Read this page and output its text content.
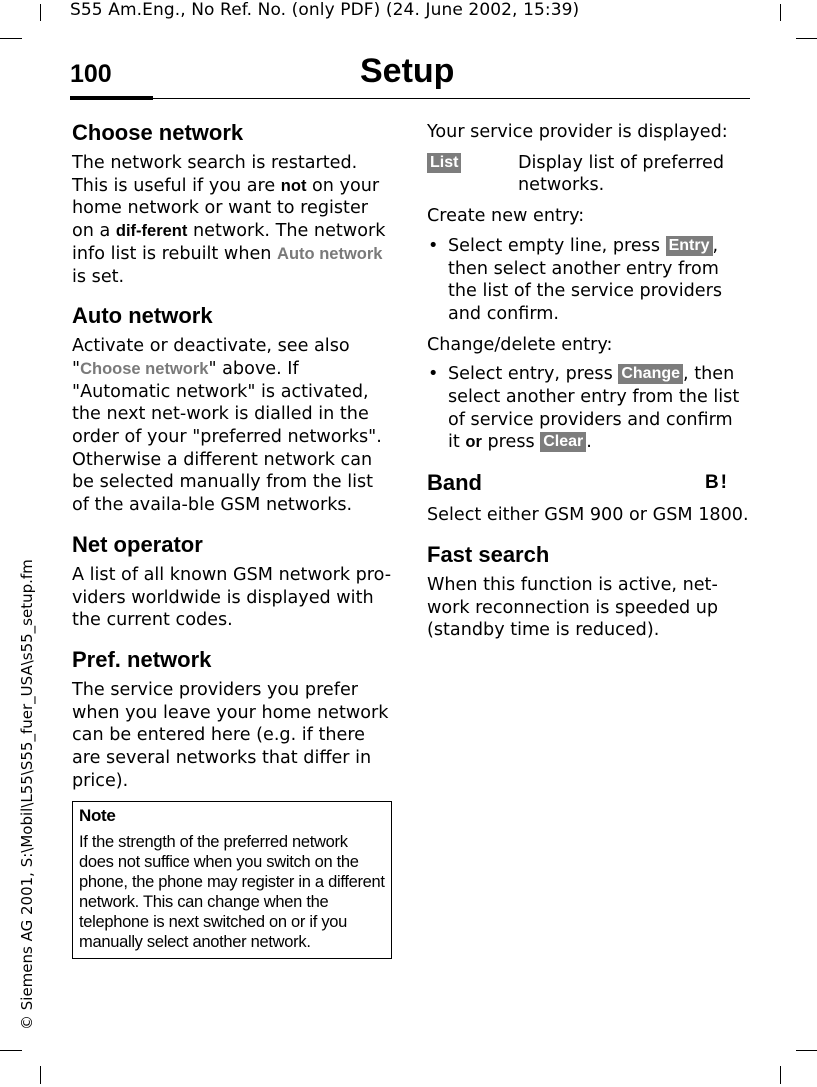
S55 Am.Eng., No Ref. No. (only PDF) (24. June 2002, 15:39)
© Siemens AG 2001, S:\Mobil\L55\S55_fuer_USA\s55_setup.fm
100	Setup
Choose network

The network search is restarted. This is useful if you are not on your home network or want to register on a dif-ferent network. The network info list is rebuilt when Auto network is set.

Auto network

Activate or deactivate, see also "Choose network" above. If "Automatic network" is activated, the next net-work is dialled in the order of your "preferred networks". Otherwise a different network can be selected manually from the list of the availa-ble GSM networks.

Net operator

A list of all known GSM network pro-viders worldwide is displayed with the current codes.

Pref. network

The service providers you prefer when you leave your home network can be entered here (e.g. if there are several networks that differ in price).

Note
If the strength of the preferred network does not suffice when you switch on the phone, the phone may register in a different network. This can change when the telephone is next switched on or if you manually select another network.

Your service provider is displayed:

List	Display list of preferred networks.

Create new entry:

• Select empty line, press Entry , then select another entry from the list of the service providers and confirm.

Change/delete entry:

• Select entry, press Change , then select another entry from the list of service providers and confirm it or press Clear .
Band	Β!

Select either GSM 900 or GSM 1800.

Fast search

When this function is active, net-work reconnection is speeded up (standby time is reduced).
